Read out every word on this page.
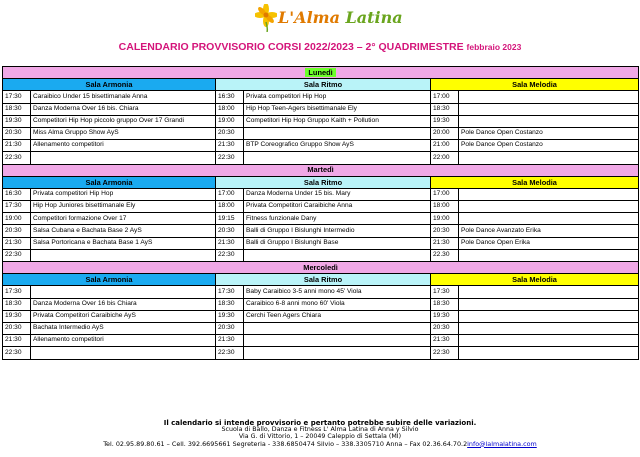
L'Alma Latina
CALENDARIO PROVVISORIO CORSI 2022/2023 – 2° QUADRIMESTRE febbraio 2023
Lunedì					
Sala Armonia		Sala Ritmo		Sala Melodia	
17:30	Caraibico Under 15 bisettimanale Anna	16:30	Privata competitori Hip Hop	17:00	
18:30	Danza Moderna Over 16 bis. Chiara	18:00	Hip Hop Teen-Agers bisettimanale Ely	18:30	
19:30	Competitori Hip Hop piccolo gruppo Over 17 Grandi	19:00	Competitori Hip Hop Gruppo Kaith + Pollution	19:30	
20:30	Miss Alma Gruppo Show AyS	20:30		20:00	Pole Dance Open Costanzo
21:30	Allenamento competitori	21:30	BTP Coreografico Gruppo Show AyS	21:00	Pole Dance Open Costanzo
22:30		22:30		22:00	
Martedì					
Sala Armonia		Sala Ritmo		Sala Melodia	
16:30	Privata competitori Hip Hop	17:00	Danza Moderna Under 15 bis. Mary	17:00	
17:30	Hip Hop Juniores bisettimanale Ely	18:00	Privata Competitori Caraibiche Anna	18:00	
19:00	Competitori formazione Over 17	19:15	Fitness funzionale Dany	19:00	
20:30	Salsa Cubana e Bachata Base 2 AyS	20:30	Balli di Gruppo I Bislunghi Intermedio	20:30	Pole Dance Avanzato Erika
21:30	Salsa Portoricana e Bachata Base 1 AyS	21:30	Balli di Gruppo I Bislunghi Base	21:30	Pole Dance Open Erika
22:30		22:30		22.30	
Mercoledì					
Sala Armonia		Sala Ritmo		Sala Melodia	
17:30		17:30	Baby Caraibico 3-5 anni mono 45' Viola	17:30	
18:30	Danza Moderna Over 16 bis Chiara	18:30	Caraibico 6-8 anni mono 60' Viola	18:30	
19:30	Privata Competitori Caraibiche AyS	19:30	Cerchi Teen Agers Chiara	19:30	
20:30	Bachata Intermedio AyS	20:30		20:30	
21:30	Allenamento competitori	21:30		21:30	
22:30		22:30		22:30	
Il calendario si intende provvisorio e pertanto potrebbe subire delle variazioni.
Scuola di Ballo, Danza e Fitness L' Alma Latina di Anna y Silvio
Via G. di Vittorio, 1 – 20049 Caleppio di Settala (MI)
Tel. 02.95.89.80.61 – Cell. 392.6695661 Segreteria - 338.6850474 Silvio – 338.3305710 Anna – Fax 02.36.64.70.2info@lalmalatina.com
